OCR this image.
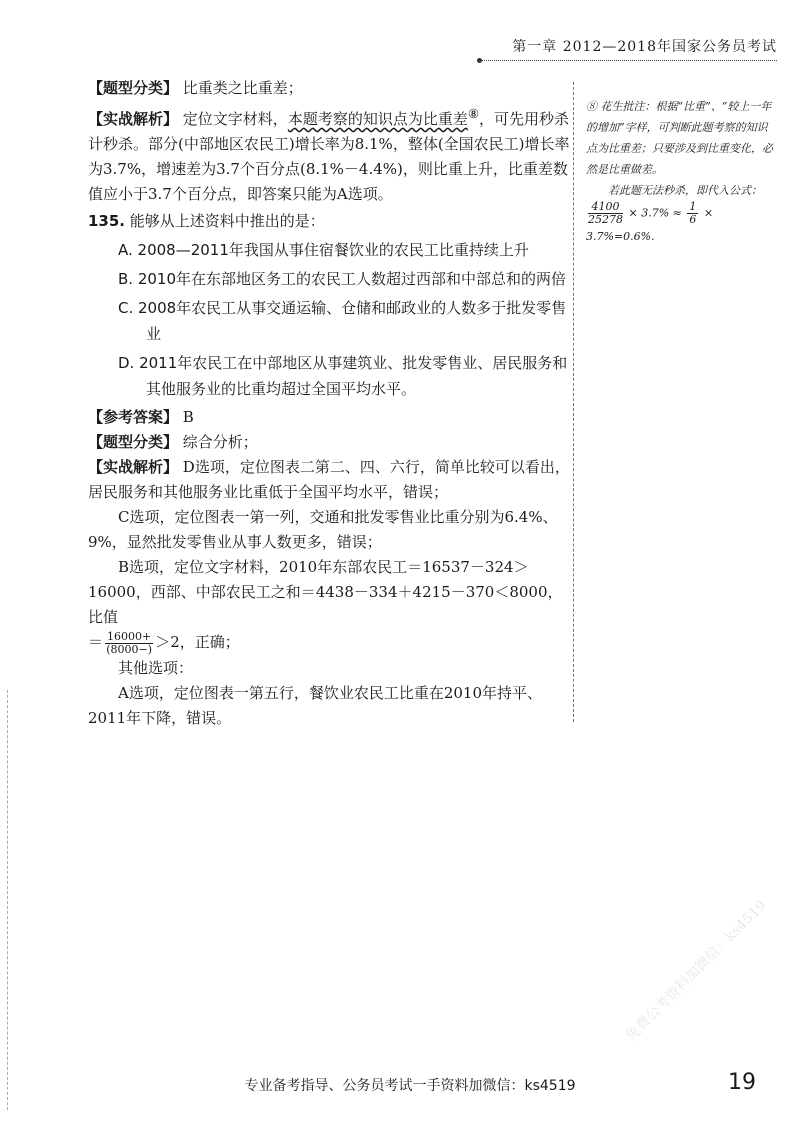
第一章 2012—2018年国家公务员考试

【题型分类】 比重类之比重差；

【实战解析】 定位文字材料，本题考察的知识点为比重差⑧，可先用秒杀计秒杀。部分(中部地区农民工)增长率为8.1%，整体(全国农民工)增长率为3.7%，增速差为3.7个百分点(8.1%－4.4%)，则比重上升，比重差数值应小于3.7个百分点，即答案只能为A选项。

135. 能够从上述资料中推出的是：

A. 2008—2011年我国从事住宿餐饮业的农民工比重持续上升

B. 2010年在东部地区务工的农民工人数超过西部和中部总和的两倍

C. 2008年农民工从事交通运输、仓储和邮政业的人数多于批发零售业

D. 2011年农民工在中部地区从事建筑业、批发零售业、居民服务和其他服务业的比重均超过全国平均水平。

【参考答案】 B

【题型分类】 综合分析；

【实战解析】 D选项，定位图表二第二、四、六行，简单比较可以看出，居民服务和其他服务业比重低于全国平均水平，错误；

C选项，定位图表一第一列，交通和批发零售业比重分别为6.4%、9%，显然批发零售业从事人数更多，错误；

B选项，定位文字材料，2010年东部农民工＝16537－324＞16000，西部、中部农民工之和＝4438－334＋4215－370＜8000，比值

＝ $\frac{16000+}{(8000-)} >2$，正确；

其他选项：

A选项，定位图表一第五行，餐饮业农民工比重在2010年持平、2011年下降，错误。

⑧ 花生批注：根据“比重”、“较上一年的增加”字样，可判断此题考察的知识点为比重差；只要涉及到比重变化，必然是比重做差。

若此题无法秒杀，即代入公式：

$\frac{4100}{25278} \times 3.7\% \approx \frac{1}{6}$ ×

3.7%=0.6%.

免费公考资料加微信：ks4519
专业备考指导、公务员考试一手资料加微信：ks4519	19
